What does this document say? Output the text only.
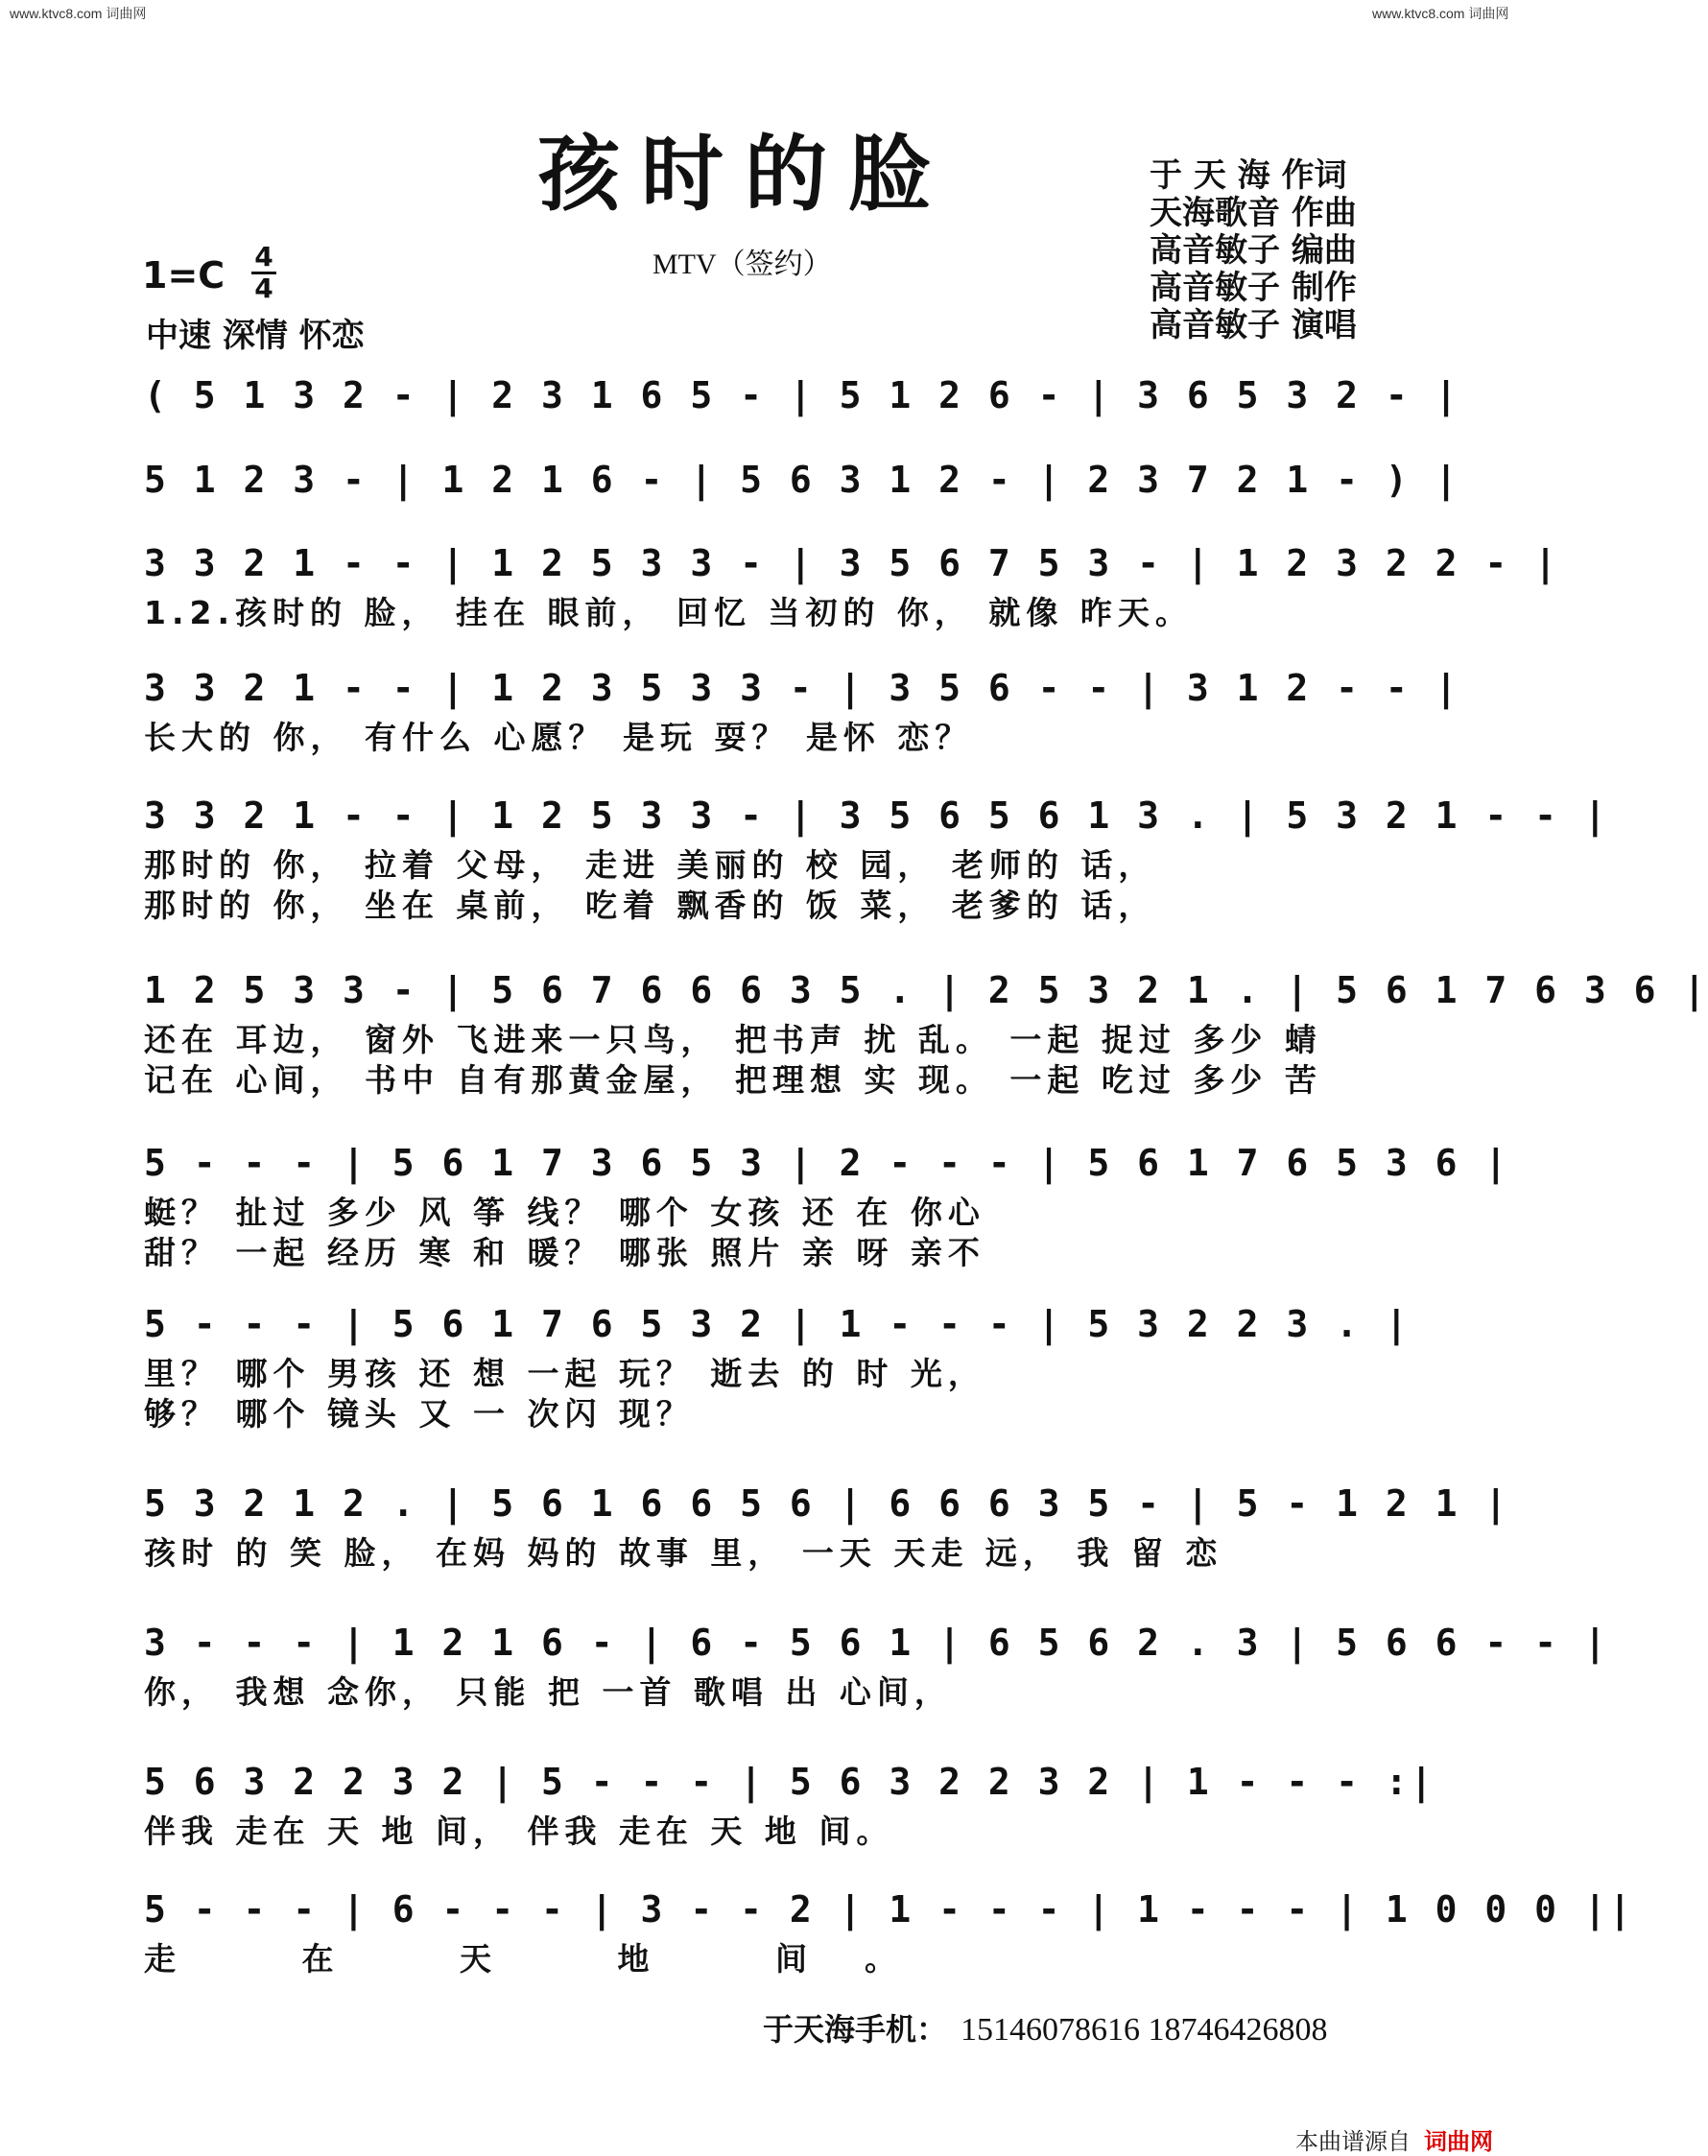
www.ktvc8.com 词曲网	www.ktvc8.com 词曲网
孩时的脸
MTV（签约）
于 天 海 作词
天海歌音 作曲
高音敏子 编曲
高音敏子 制作
高音敏子 演唱
1=C 4
4
中速 深情 怀恋
( 5 1 3 2 - | 2 3 1 6 5 - | 5 1 2 6 - | 3 6 5 3 2 - |
5 1 2 3 - | 1 2 1 6 - | 5 6 3 1 2 - | 2 3 7 2 1 - ) |
3 3 2 1 - - | 1 2 5 3 3 - | 3 5 6 7 5 3 - | 1 2 3 2 2 - |
1.2.孩时的 脸， 挂在 眼前， 回忆 当初的 你， 就像 昨天。
3 3 2 1 - - | 1 2 3 5 3 3 - | 3 5 6 - - | 3 1 2 - - |
长大的 你， 有什么 心愿？ 是玩 耍？ 是怀 恋？
3 3 2 1 - - | 1 2 5 3 3 - | 3 5 6 5 6 1 3 . | 5 3 2 1 - - |
那时的 你， 拉着 父母， 走进 美丽的 校 园， 老师的 话，
那时的 你， 坐在 桌前， 吃着 飘香的 饭 菜， 老爹的 话，
1 2 5 3 3 - | 5 6 7 6 6 6 3 5 . | 2 5 3 2 1 . | 5 6 1 7 6 3 6 |
还在 耳边， 窗外 飞进来一只鸟， 把书声 扰 乱。 一起 捉过 多少 蜻
记在 心间， 书中 自有那黄金屋， 把理想 实 现。 一起 吃过 多少 苦
5 - - - | 5 6 1 7 3 6 5 3 | 2 - - - | 5 6 1 7 6 5 3 6 |
蜓？ 扯过 多少 风 筝 线？ 哪个 女孩 还 在 你心
甜？ 一起 经历 寒 和 暖？ 哪张 照片 亲 呀 亲不
5 - - - | 5 6 1 7 6 5 3 2 | 1 - - - | 5 3 2 2 3 . |
里？ 哪个 男孩 还 想 一起 玩？ 逝去 的 时 光，
够？ 哪个 镜头 又 一 次闪 现？
5 3 2 1 2 . | 5 6 1 6 6 5 6 | 6 6 6 3 5 - | 5 - 1 2 1 |
孩时 的 笑 脸， 在妈 妈的 故事 里， 一天 天走 远， 我 留 恋
3 - - - | 1 2 1 6 - | 6 - 5 6 1 | 6 5 6 2 . 3 | 5 6 6 - - |
你， 我想 念你， 只能 把 一首 歌唱 出 心间，
5 6 3 2 2 3 2 | 5 - - - | 5 6 3 2 2 3 2 | 1 - - - :|
伴我 走在 天 地 间， 伴我 走在 天 地 间。
5 - - - | 6 - - - | 3 - - 2 | 1 - - - | 1 - - - | 1 0 0 0 ||
走 在 天 地 间。
于天海手机： 15146078616 18746426808
本曲谱源自 词曲网
